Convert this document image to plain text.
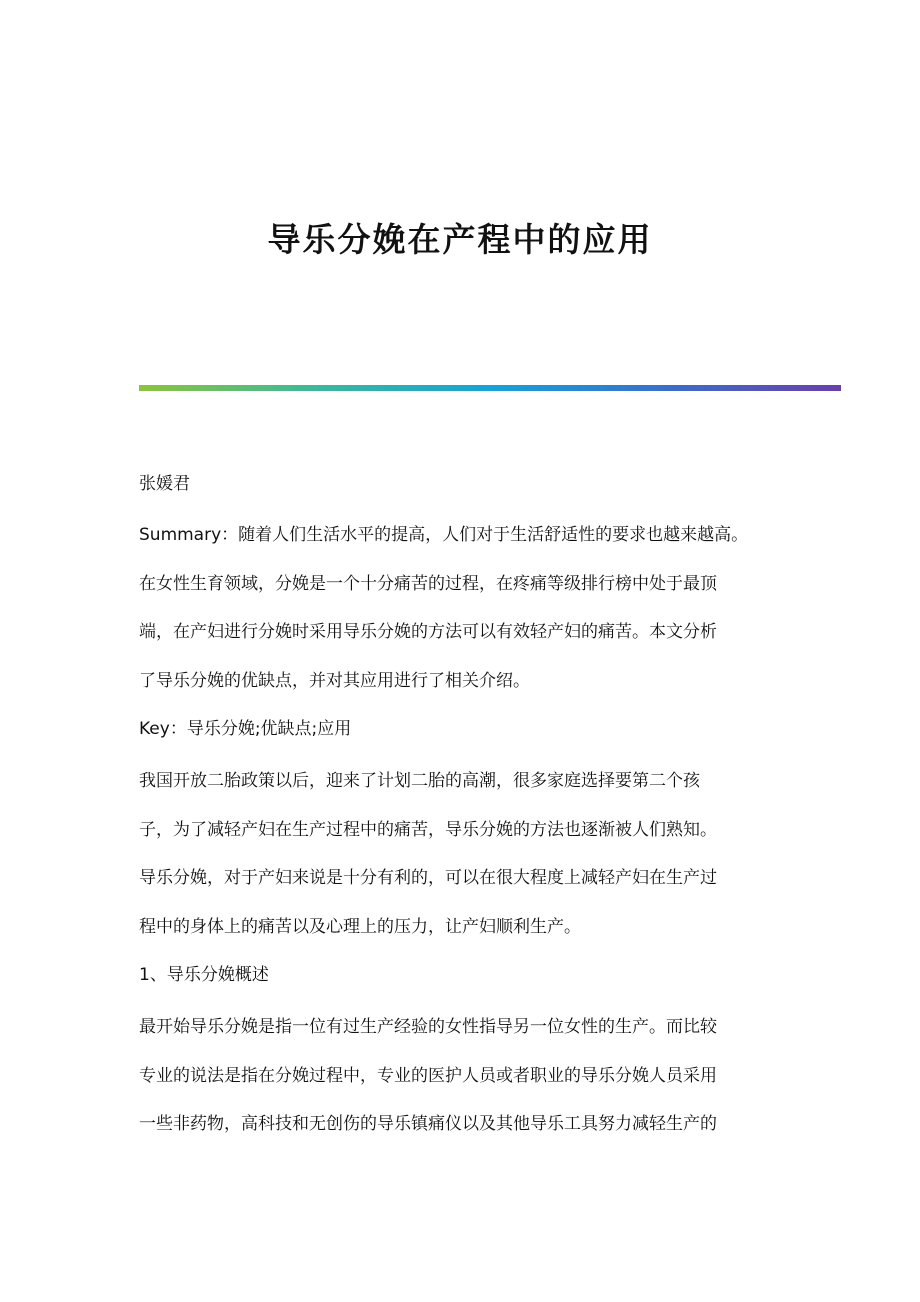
导乐分娩在产程中的应用

张媛君

Summary：随着人们生活水平的提高，人们对于生活舒适性的要求也越来越高。

在女性生育领域，分娩是一个十分痛苦的过程，在疼痛等级排行榜中处于最顶

端，在产妇进行分娩时采用导乐分娩的方法可以有效轻产妇的痛苦。本文分析

了导乐分娩的优缺点，并对其应用进行了相关介绍。

Key：导乐分娩;优缺点;应用

我国开放二胎政策以后，迎来了计划二胎的高潮，很多家庭选择要第二个孩

子，为了减轻产妇在生产过程中的痛苦，导乐分娩的方法也逐渐被人们熟知。

导乐分娩，对于产妇来说是十分有利的，可以在很大程度上减轻产妇在生产过

程中的身体上的痛苦以及心理上的压力，让产妇顺利生产。

1、导乐分娩概述

最开始导乐分娩是指一位有过生产经验的女性指导另一位女性的生产。而比较

专业的说法是指在分娩过程中，专业的医护人员或者职业的导乐分娩人员采用

一些非药物，高科技和无创伤的导乐镇痛仪以及其他导乐工具努力减轻生产的
